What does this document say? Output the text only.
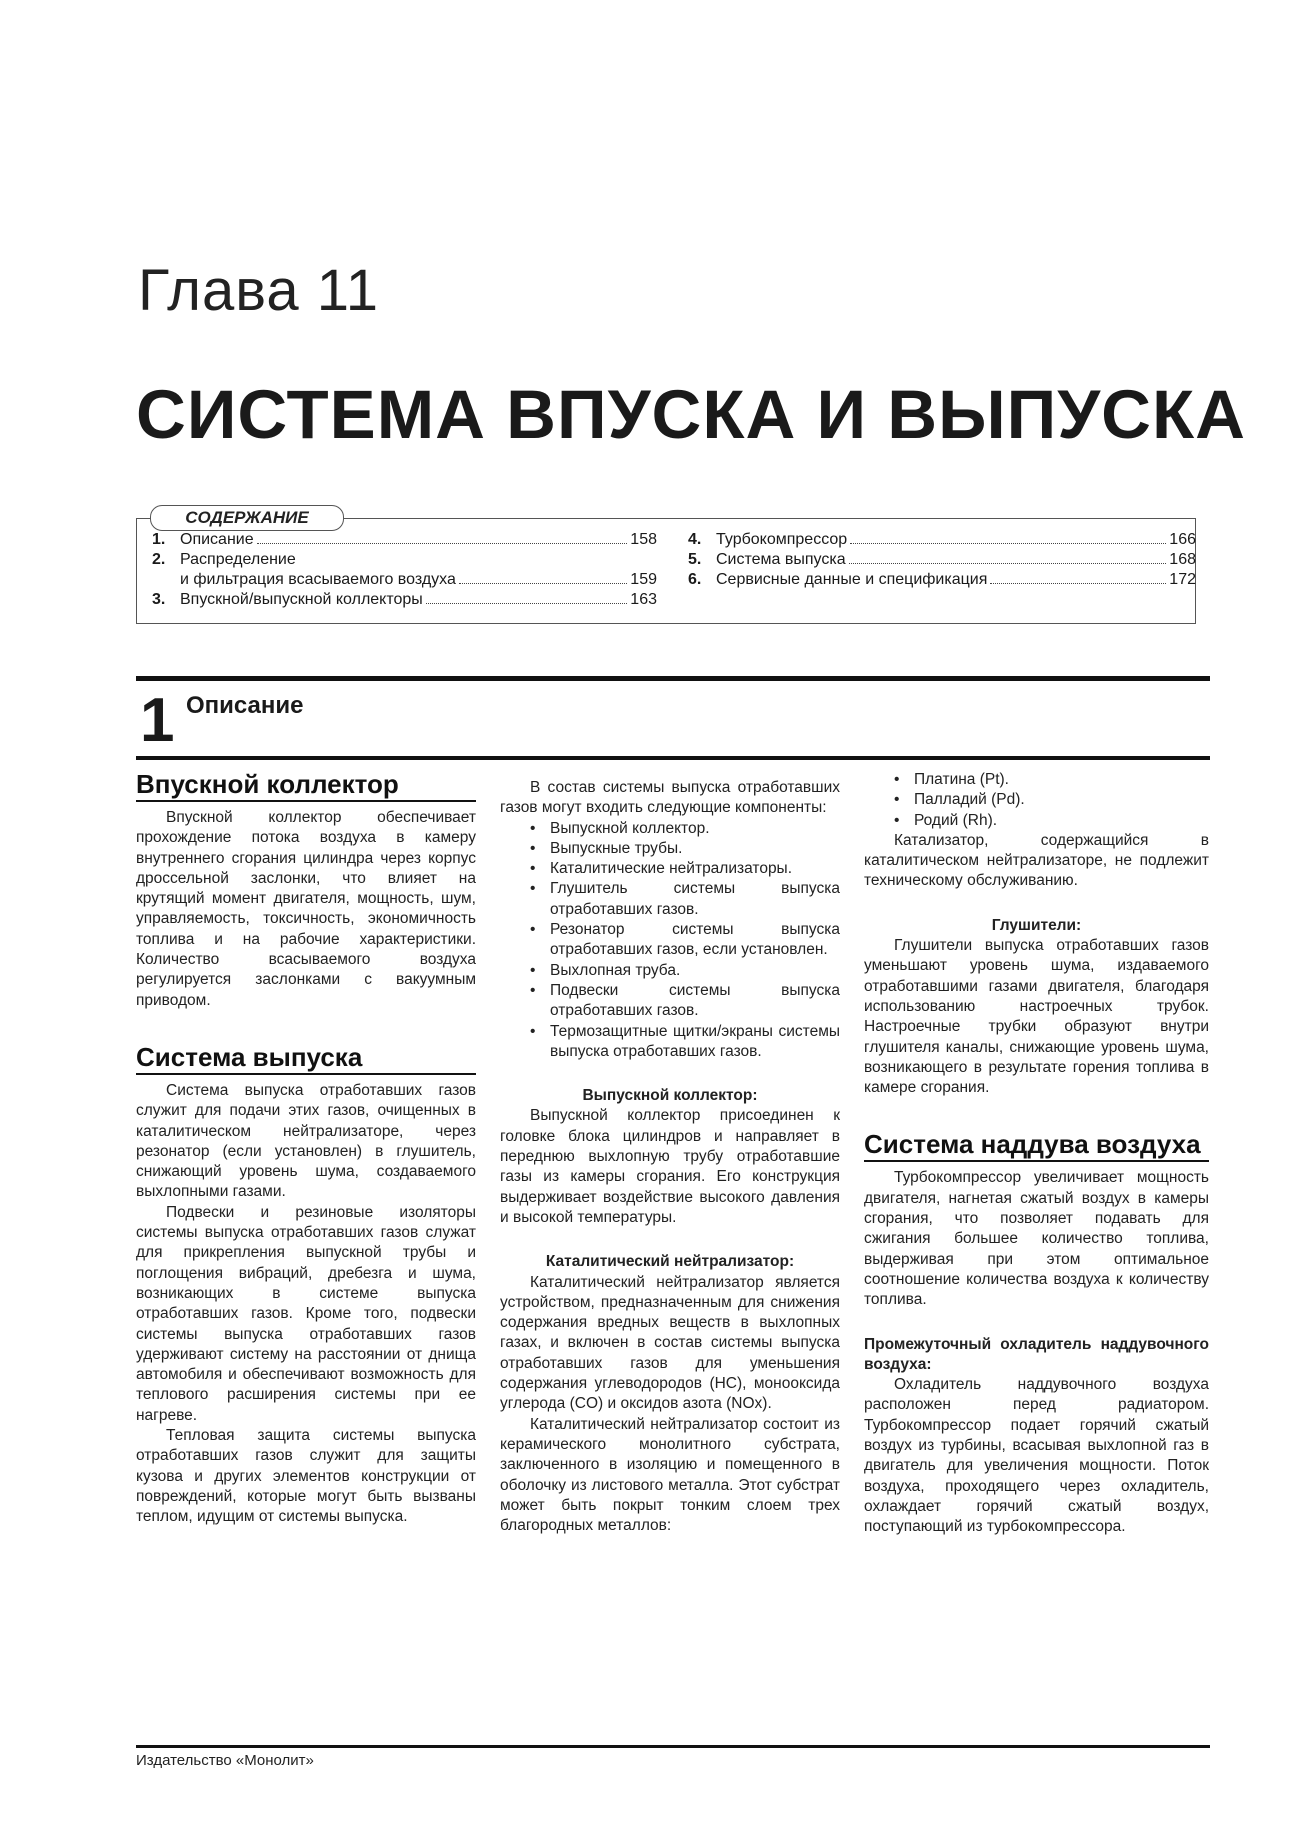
Глава 11
СИСТЕМА ВПУСКА И ВЫПУСКА
СОДЕРЖАНИЕ
1. Описание	158
2. Распределение
и фильтрация всасываемого воздуха	159
3. Впускной/выпускной коллекторы	163
4. Турбокомпрессор	166
5. Система выпуска	168
6. Сервисные данные и спецификация	172
1 Описание
Впускной коллектор

Впускной коллектор обеспечивает прохождение потока воздуха в камеру внутреннего сгорания цилиндра через корпус дроссельной заслонки, что влияет на крутящий момент двигателя, мощность, шум, управляемость, токсичность, экономичность топлива и на рабочие характеристики. Количество всасываемого воздуха регулируется заслонками с вакуумным приводом.

Система выпуска

Система выпуска отработавших газов служит для подачи этих газов, очищенных в каталитическом нейтрализаторе, через резонатор (если установлен) в глушитель, снижающий уровень шума, создаваемого выхлопными газами.

Подвески и резиновые изоляторы системы выпуска отработавших газов служат для прикрепления выпускной трубы и поглощения вибраций, дребезга и шума, возникающих в системе выпуска отработавших газов. Кроме того, подвески системы выпуска отработавших газов удерживают систему на расстоянии от днища автомобиля и обеспечивают возможность для теплового расширения системы при ее нагреве.

Тепловая защита системы выпуска отработавших газов служит для защиты кузова и других элементов конструкции от повреждений, которые могут быть вызваны теплом, идущим от системы выпуска.

В состав системы выпуска отработавших газов могут входить следующие компоненты:

• Выпускной коллектор.
• Выпускные трубы.
• Каталитические нейтрализаторы.
• Глушитель системы выпуска отработавших газов.
• Резонатор системы выпуска отработавших газов, если установлен.
• Выхлопная труба.
• Подвески системы выпуска отработавших газов.
• Термозащитные щитки/экраны системы выпуска отработавших газов.
Выпускной коллектор:

Выпускной коллектор присоединен к головке блока цилиндров и направляет в переднюю выхлопную трубу отработавшие газы из камеры сгорания. Его конструкция выдерживает воздействие высокого давления и высокой температуры.

Каталитический нейтрализатор:

Каталитический нейтрализатор является устройством, предназначенным для снижения содержания вредных веществ в выхлопных газах, и включен в состав системы выпуска отработавших газов для уменьшения содержания углеводородов (HC), монооксида углерода (CO) и оксидов азота (NOx).

Каталитический нейтрализатор состоит из керамического монолитного субстрата, заключенного в изоляцию и помещенного в оболочку из листового металла. Этот субстрат может быть покрыт тонким слоем трех благородных металлов:

• Платина (Pt).
• Палладий (Pd).
• Родий (Rh).

Катализатор, содержащийся в каталитическом нейтрализаторе, не подлежит техническому обслуживанию.

Глушители:

Глушители выпуска отработавших газов уменьшают уровень шума, издаваемого отработавшими газами двигателя, благодаря использованию настроечных трубок. Настроечные трубки образуют внутри глушителя каналы, снижающие уровень шума, возникающего в результате горения топлива в камере сгорания.

Система наддува воздуха

Турбокомпрессор увеличивает мощность двигателя, нагнетая сжатый воздух в камеры сгорания, что позволяет подавать для сжигания большее количество топлива, выдерживая при этом оптимальное соотношение количества воздуха к количеству топлива.

Промежуточный охладитель наддувочного воздуха:

Охладитель наддувочного воздуха расположен перед радиатором. Турбокомпрессор подает горячий сжатый воздух из турбины, всасывая выхлопной газ в двигатель для увеличения мощности. Поток воздуха, проходящего через охладитель, охлаждает горячий сжатый воздух, поступающий из турбокомпрессора.

Издательство «Монолит»
